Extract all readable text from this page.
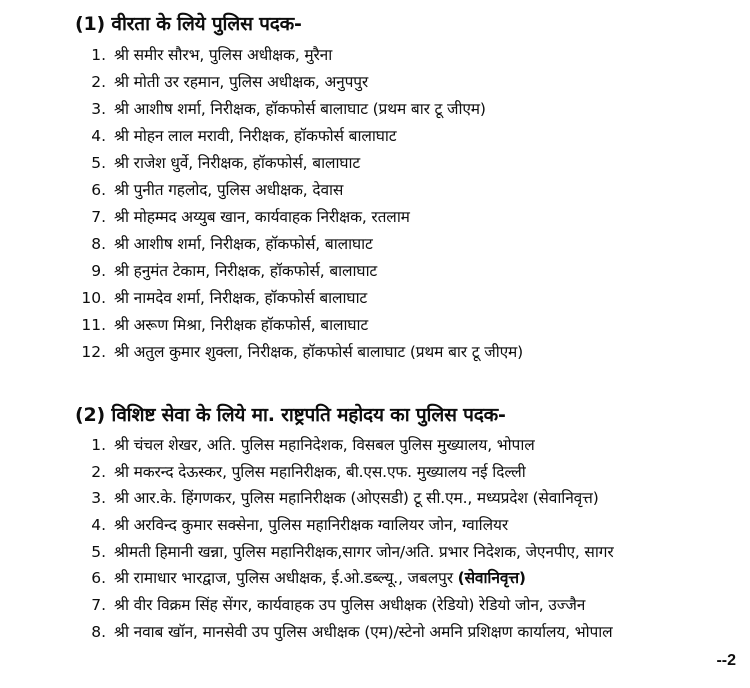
(1) वीरता के लिये पुलिस पदक-
1. श्री समीर सौरभ, पुलिस अधीक्षक, मुरैना
2. श्री मोती उर रहमान, पुलिस अधीक्षक, अनुपपुर
3. श्री आशीष शर्मा, निरीक्षक, हॉकफोर्स बालाघाट (प्रथम बार टू जीएम)
4. श्री मोहन लाल मरावी, निरीक्षक, हॉकफोर्स बालाघाट
5. श्री राजेश धुर्वे, निरीक्षक, हॉकफोर्स, बालाघाट
6. श्री पुनीत गहलोद, पुलिस अधीक्षक, देवास
7. श्री मोहम्मद अय्युब खान, कार्यवाहक निरीक्षक, रतलाम
8. श्री आशीष शर्मा, निरीक्षक, हॉकफोर्स, बालाघाट
9. श्री हनुमंत टेकाम, निरीक्षक, हॉकफोर्स, बालाघाट
10. श्री नामदेव शर्मा, निरीक्षक, हॉकफोर्स बालाघाट
11. श्री अरूण मिश्रा, निरीक्षक हॉकफोर्स, बालाघाट
12. श्री अतुल कुमार शुक्ला, निरीक्षक, हॉकफोर्स बालाघाट (प्रथम बार टू जीएम)
(2) विशिष्ट सेवा के लिये मा. राष्ट्रपति महोदय का पुलिस पदक-
1. श्री चंचल शेखर, अति. पुलिस महानिदेशक, विसबल पुलिस मुख्यालय, भोपाल
2. श्री मकरन्द देऊस्कर, पुलिस महानिरीक्षक, बी.एस.एफ. मुख्यालय नई दिल्ली
3. श्री आर.के. हिंगणकर, पुलिस महानिरीक्षक (ओएसडी) टू सी.एम., मध्यप्रदेश (सेवानिवृत्त)
4. श्री अरविन्द कुमार सक्सेना, पुलिस महानिरीक्षक ग्वालियर जोन, ग्वालियर
5. श्रीमती हिमानी खन्ना, पुलिस महानिरीक्षक,सागर जोन/अति. प्रभार निदेशक, जेएनपीए, सागर
6. श्री रामाधार भारद्वाज, पुलिस अधीक्षक, ई.ओ.डब्ल्यू., जबलपुर (सेवानिवृत्त)
7. श्री वीर विक्रम सिंह सेंगर, कार्यवाहक उप पुलिस अधीक्षक (रेडियो) रेडियो जोन, उज्जैन
8. श्री नवाब खॉन, मानसेवी उप पुलिस अधीक्षक (एम)/स्टेनो अमनि प्रशिक्षण कार्यालय, भोपाल
--2
